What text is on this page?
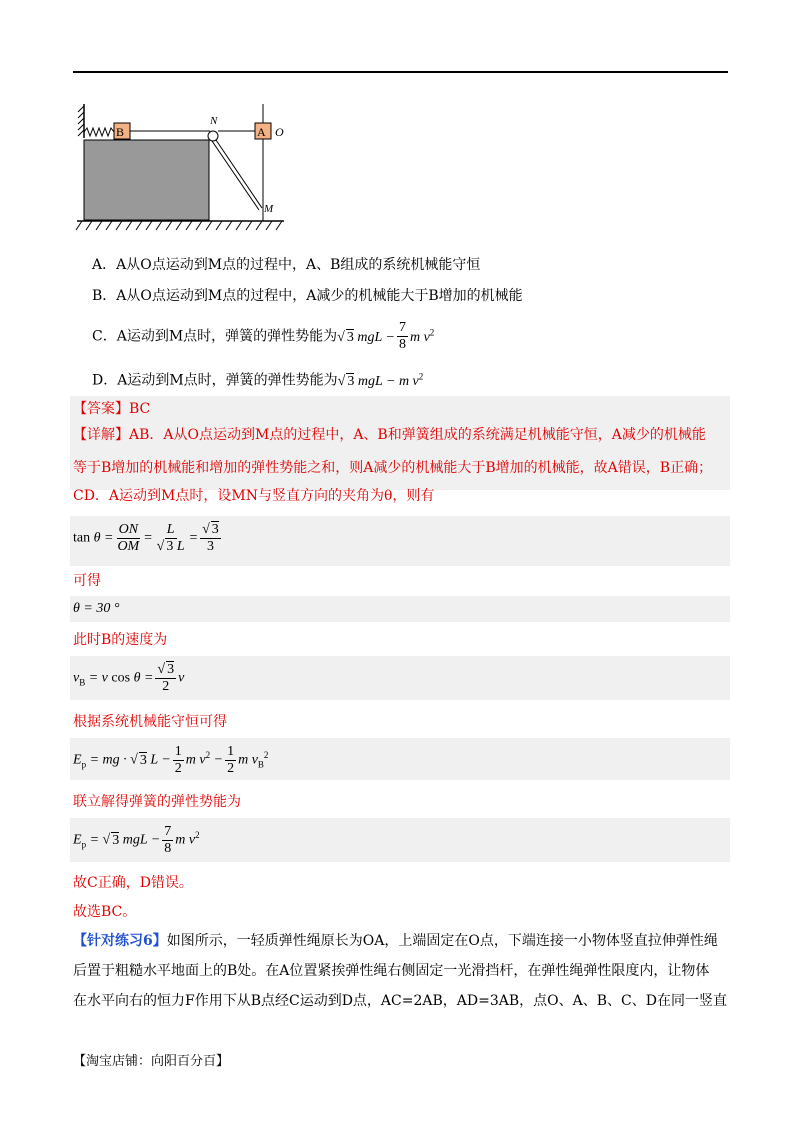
B
N
A O
M
A．A从O点运动到M点的过程中，A、B组成的系统机械能守恒
B．A从O点运动到M点的过程中，A减少的机械能大于B增加的机械能
C．A运动到M点时，弹簧的弹性势能为√ 3 mgL − $\frac{7}{8}$ m $v^2$
D．A运动到M点时，弹簧的弹性势能为√ 3 mgL − m $v^2$
【答案】BC
【详解】AB．A从O点运动到M点的过程中，A、B和弹簧组成的系统满足机械能守恒，A减少的机械能
等于B增加的机械能和增加的弹性势能之和，则A减少的机械能大于B增加的机械能，故A错误，B正确；
CD．A运动到M点时，设MN与竖直方向的夹角为θ，则有
$\tan \theta = \frac{ON}{OM} = \frac{L}{√ 3 L} = \frac{√ 3}{3}$
可得
θ = 30 °
此时B的速度为
$v_B = v$ $\cos \theta = \frac{√ 3}{2}$ v
根据系统机械能守恒可得
$E_p$ = mg · √ 3 $L - \frac{1}{2}$ m $v^2 - \frac{1}{2}$ m $v_B^2$
联立解得弹簧的弹性势能为
$E_p$ = √ 3 mgL − $\frac{7}{8}$ m $v^2$
故C正确，D错误。
故选BC。
【针对练习6】如图所示，一轻质弹性绳原长为OA，上端固定在O点，下端连接一小物体竖直拉伸弹性绳
后置于粗糙水平地面上的B处。在A位置紧挨弹性绳右侧固定一光滑挡杆，在弹性绳弹性限度内，让物体
在水平向右的恒力F作用下从B点经C运动到D点，AC=2AB，AD=3AB，点O、A、B、C、D在同一竖直
【淘宝店铺：向阳百分百】
